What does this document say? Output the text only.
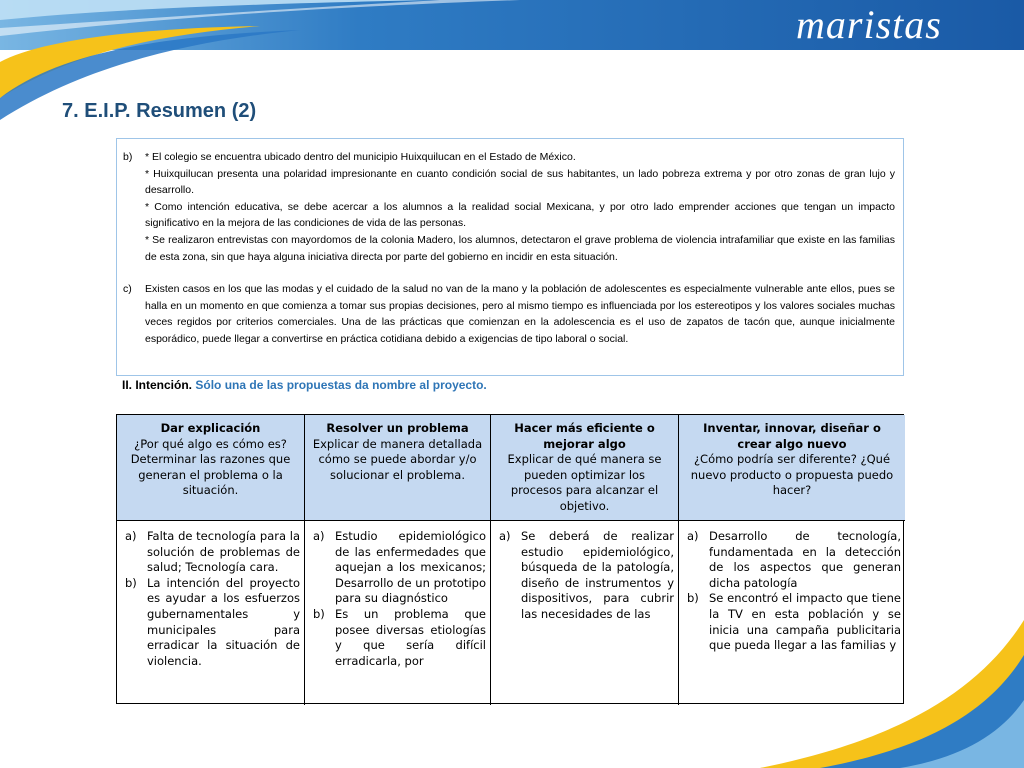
maristas
7. E.I.P. Resumen (2)
b)	* El colegio se encuentra ubicado dentro del municipio Huixquilucan en el Estado de México.

* Huixquilucan presenta una polaridad impresionante en cuanto condición social de sus habitantes, un lado pobreza extrema y por otro zonas de gran lujo y desarrollo.

* Como intención educativa, se debe acercar a los alumnos a la realidad social Mexicana, y por otro lado emprender acciones que tengan un impacto significativo en la mejora de las condiciones de vida de las personas.

* Se realizaron entrevistas con mayordomos de la colonia Madero, los alumnos, detectaron el grave problema de violencia intrafamiliar que existe en las familias de esta zona, sin que haya alguna iniciativa directa por parte del gobierno en incidir en esta situación.

c)	Existen casos en los que las modas y el cuidado de la salud no van de la mano y la población de adolescentes es especialmente vulnerable ante ellos, pues se halla en un momento en que comienza a tomar sus propias decisiones, pero al mismo tiempo es influenciada por los estereotipos y los valores sociales muchas veces regidos por criterios comerciales. Una de las prácticas que comienzan en la adolescencia es el uso de zapatos de tacón que, aunque inicialmente esporádico, puede llegar a convertirse en práctica cotidiana debido a exigencias de tipo laboral o social.

II. Intención. Sólo una de las propuestas da nombre al proyecto.
Dar explicación
¿Por qué algo es cómo es? Determinar las razones que generan el problema o la situación.
Resolver un problema
Explicar de manera detallada cómo se puede abordar y/o solucionar el problema.
Hacer más eficiente o mejorar algo
Explicar de qué manera se pueden optimizar los procesos para alcanzar el objetivo.
Inventar, innovar, diseñar o crear algo nuevo
¿Cómo podría ser diferente? ¿Qué nuevo producto o propuesta puedo hacer?
a) Falta de tecnología para la solución de problemas de salud; Tecnología cara.
b) La intención del proyecto es ayudar a los esfuerzos gubernamentales y municipales para erradicar la situación de violencia.
a) Estudio epidemiológico de las enfermedades que aquejan a los mexicanos; Desarrollo de un prototipo para su diagnóstico
b) Es un problema que posee diversas etiologías y que sería difícil erradicarla, por
a) Se deberá de realizar estudio epidemiológico, búsqueda de la patología, diseño de instrumentos y dispositivos, para cubrir las necesidades de las
a) Desarrollo de tecnología, fundamentada en la detección de los aspectos que generan dicha patología
b) Se encontró el impacto que tiene la TV en esta población y se inicia una campaña publicitaria que pueda llegar a las familias y
